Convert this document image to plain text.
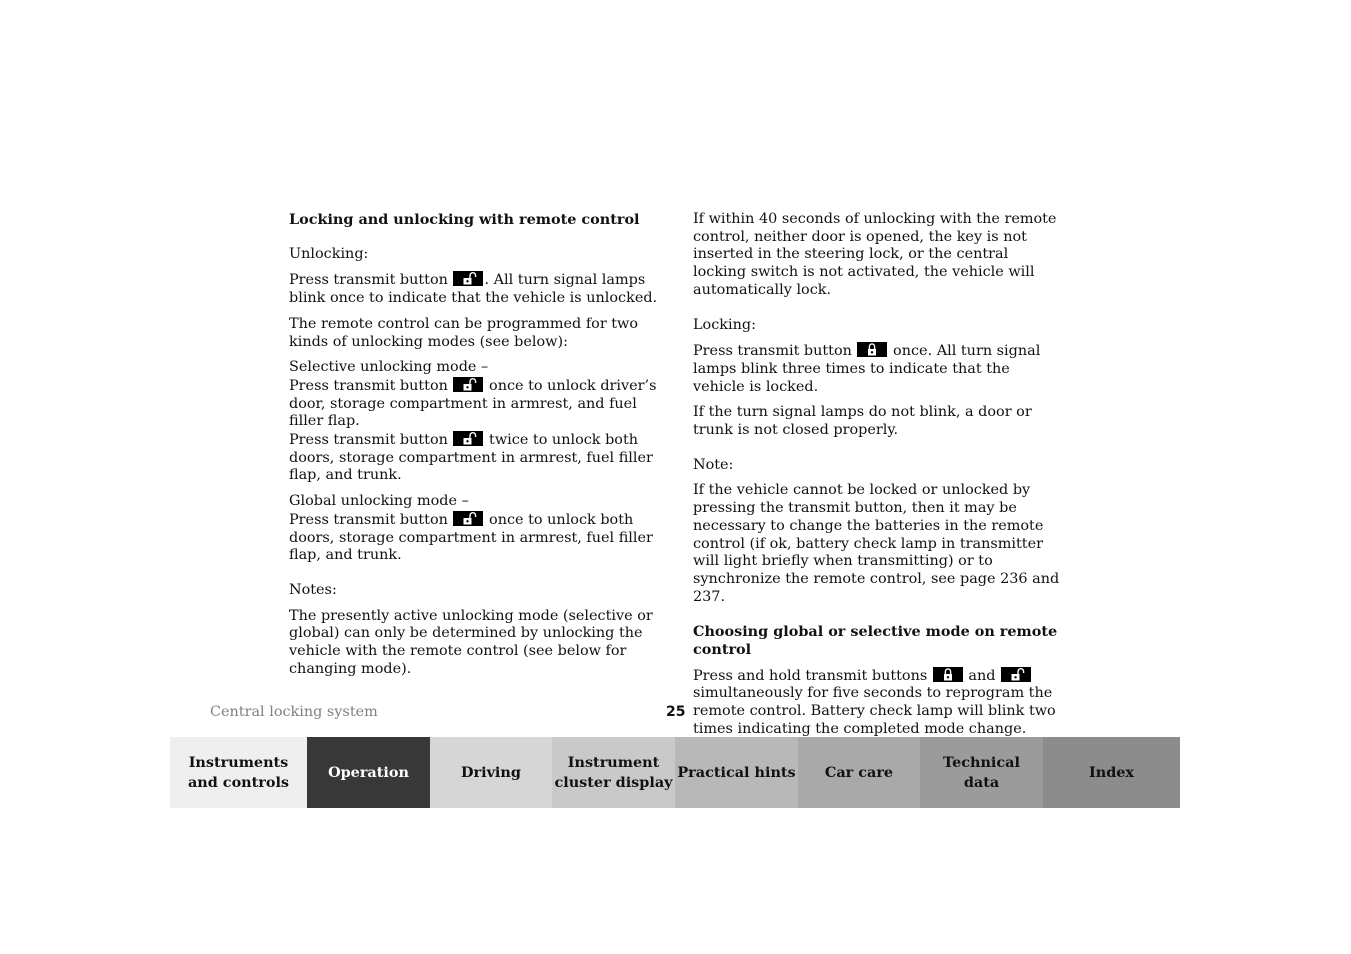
Locking and unlocking with remote control

Unlocking:

Press transmit button
. All turn signal lamps blink once to indicate that the vehicle is unlocked.

The remote control can be programmed for two kinds of unlocking modes (see below):

Selective unlocking mode –

Press transmit button
once to unlock driver’s door, storage compartment in armrest, and fuel filler flap.

Press transmit button
twice to unlock both doors, storage compartment in armrest, fuel filler flap, and trunk.

Global unlocking mode –

Press transmit button
once to unlock both doors, storage compartment in armrest, fuel filler flap, and trunk.

Notes:

The presently active unlocking mode (selective or global) can only be determined by unlocking the vehicle with the remote control (see below for changing mode).

If within 40 seconds of unlocking with the remote control, neither door is opened, the key is not inserted in the steering lock, or the central locking switch is not activated, the vehicle will automatically lock.

Locking:

Press transmit button
once. All turn signal lamps blink three times to indicate that the vehicle is locked.

If the turn signal lamps do not blink, a door or trunk is not closed properly.

Note:

If the vehicle cannot be locked or unlocked by pressing the transmit button, then it may be necessary to change the batteries in the remote control (if ok, battery check lamp in transmitter will light briefly when transmitting) or to synchronize the remote control, see page 236 and 237.

Choosing global or selective mode on remote control

Press and hold transmit buttons
and
simultaneously for five seconds to reprogram the remote control. Battery check lamp will blink two times indicating the completed mode change.

Central locking system	25
Instruments
and controls
Operation	Driving
Instrument
cluster display
Practical hints Car care
Technical
data
Index
